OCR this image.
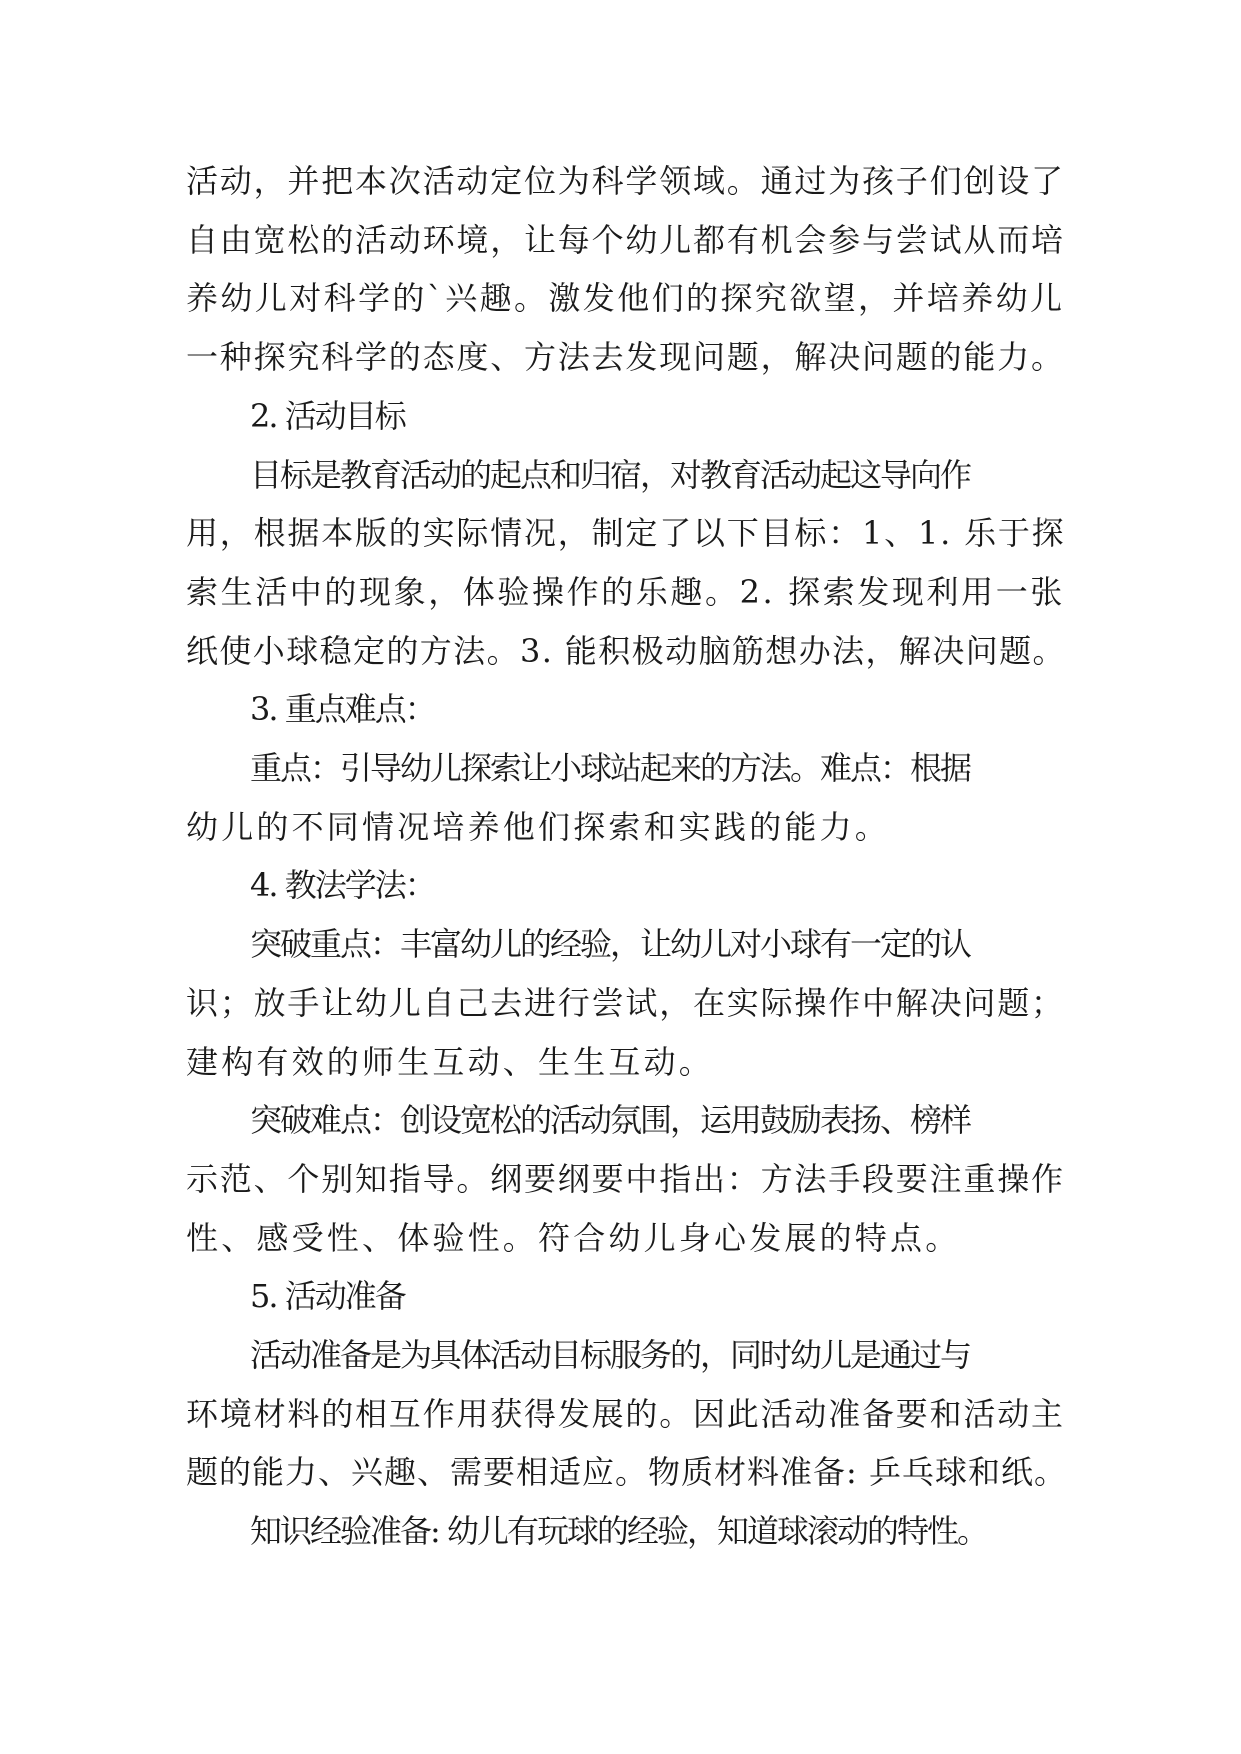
活动，并把本次活动定位为科学领域。通过为孩子们创设了
自由宽松的活动环境，让每个幼儿都有机会参与尝试从而培
养幼儿对科学的`兴趣。激发他们的探究欲望，并培养幼儿
一种探究科学的态度、方法去发现问题，解决问题的能力。

2. 活动目标

目标是教育活动的起点和归宿，对教育活动起这导向作
用，根据本版的实际情况，制定了以下目标：1、1. 乐于探
索生活中的现象，体验操作的乐趣。2. 探索发现利用一张
纸使小球稳定的方法。3. 能积极动脑筋想办法，解决问题。

3. 重点难点：

重点：引导幼儿探索让小球站起来的方法。难点：根据
幼儿的不同情况培养他们探索和实践的能力。

4. 教法学法：

突破重点：丰富幼儿的经验，让幼儿对小球有一定的认
识；放手让幼儿自己去进行尝试，在实际操作中解决问题；
建构有效的师生互动、生生互动。

突破难点：创设宽松的活动氛围，运用鼓励表扬、榜样
示范、个别知指导。纲要纲要中指出：方法手段要注重操作
性、感受性、体验性。符合幼儿身心发展的特点。

5. 活动准备

活动准备是为具体活动目标服务的，同时幼儿是通过与
环境材料的相互作用获得发展的。因此活动准备要和活动主
题的能力、兴趣、需要相适应。物质材料准备: 乒乓球和纸。

知识经验准备: 幼儿有玩球的经验，知道球滚动的特性。
